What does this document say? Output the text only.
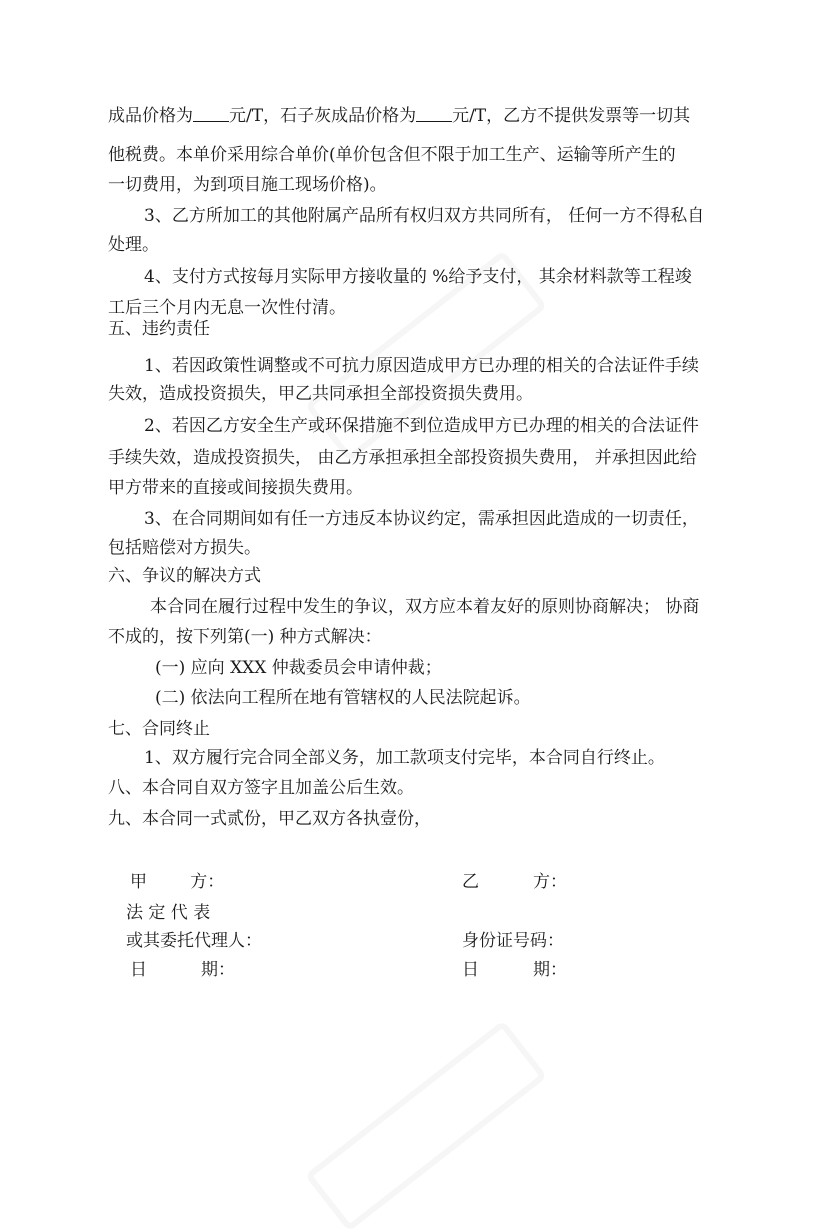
成品价格为 元/T，石子灰成品价格为 元/T，乙方不提供发票等一切其
他税费。本单价采用综合单价(单价包含但不限于加工生产、运输等所产生的
一切费用，为到项目施工现场价格)。
3、乙方所加工的其他附属产品所有权归双方共同所有， 任何一方不得私自
处理。
4、支付方式按每月实际甲方接收量的 %给予支付， 其余材料款等工程竣
工后三个月内无息一次性付清。
五、违约责任
1、若因政策性调整或不可抗力原因造成甲方已办理的相关的合法证件手续
失效，造成投资损失，甲乙共同承担全部投资损失费用。
2、若因乙方安全生产或环保措施不到位造成甲方已办理的相关的合法证件
手续失效，造成投资损失， 由乙方承担承担全部投资损失费用， 并承担因此给
甲方带来的直接或间接损失费用。
3、在合同期间如有任一方违反本协议约定，需承担因此造成的一切责任，
包括赔偿对方损失。
六、争议的解决方式
本合同在履行过程中发生的争议，双方应本着友好的原则协商解决； 协商
不成的，按下列第(一) 种方式解决：
(一) 应向 XXX 仲裁委员会申请仲裁；
(二) 依法向工程所在地有管辖权的人民法院起诉。
七、合同终止
1、双方履行完合同全部义务，加工款项支付完毕，本合同自行终止。
八、本合同自双方签字且加盖公后生效。
九、本合同一式贰份，甲乙双方各执壹份，
甲        方：	乙          方：
法 定 代 表
或其委托代理人：	身份证号码：
日          期：	日          期：
